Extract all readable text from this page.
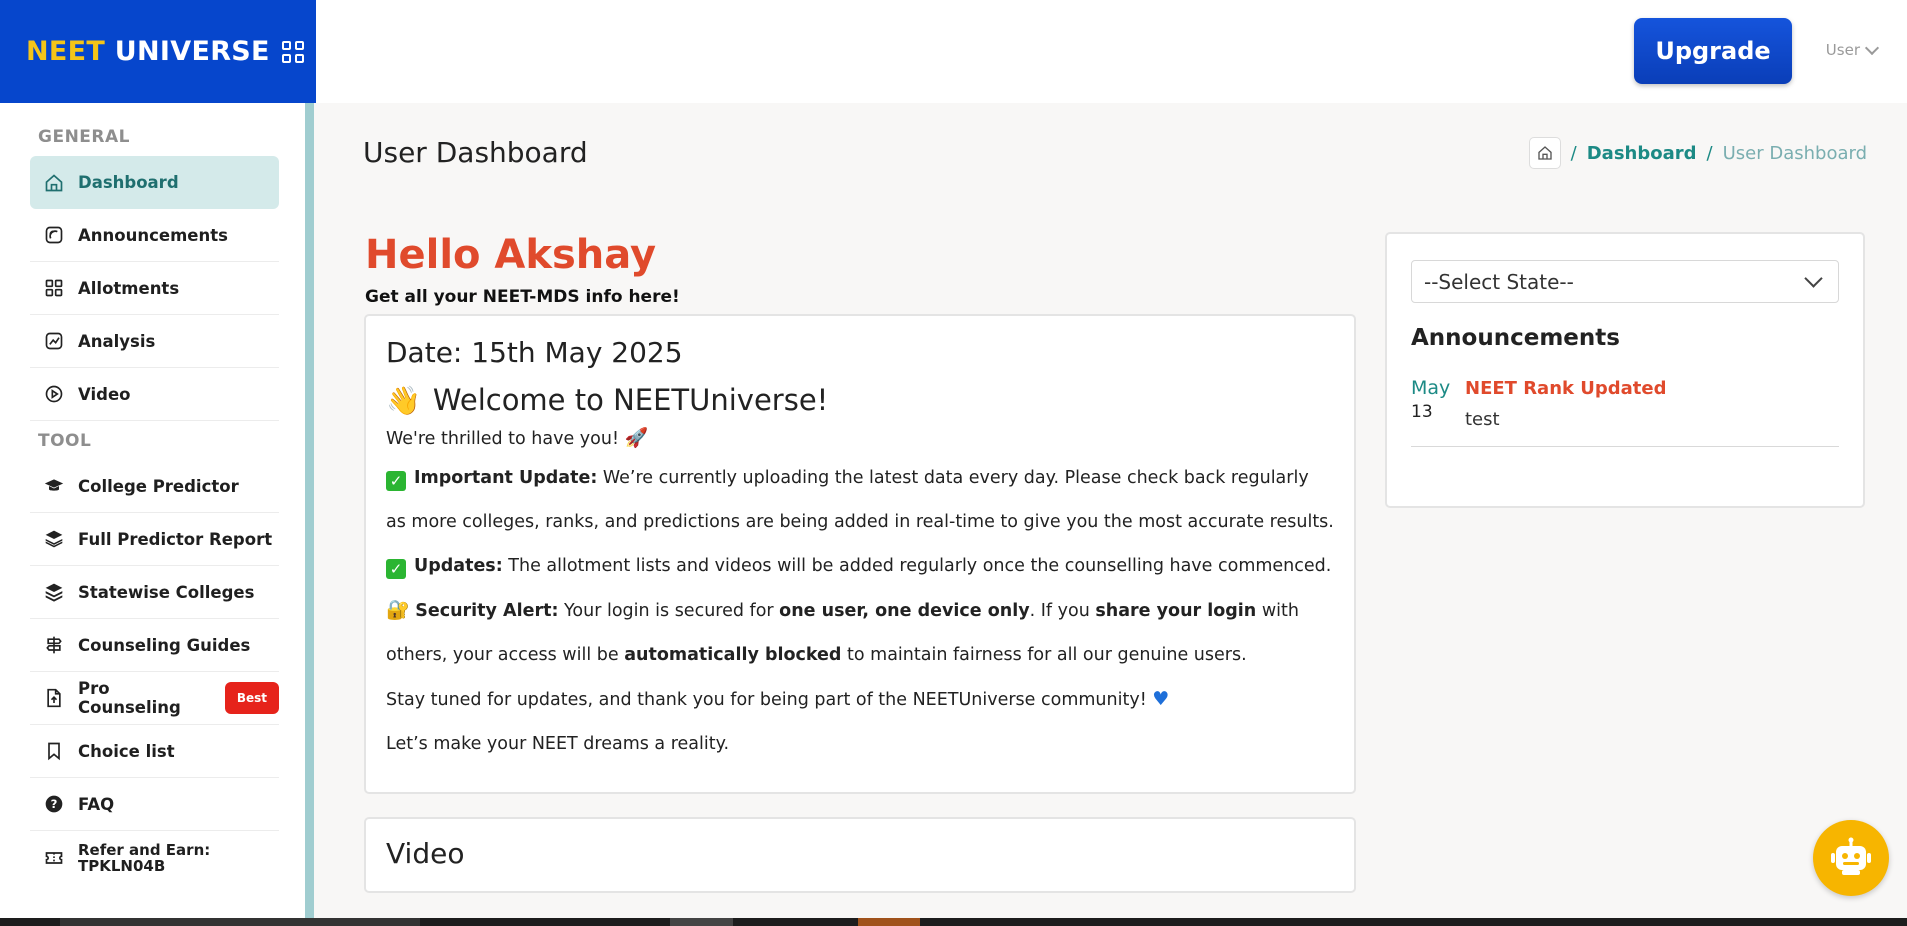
NEET UNIVERSE	Upgrade	User
GENERAL
Dashboard
Announcements
Allotments
Analysis
Video
TOOL
College Predictor
Full Predictor Report
Statewise Colleges
Counseling Guides
Pro Counseling	Best
Choice list
? FAQ
Refer and Earn:
TPKLN04B
User Dashboard	/ Dashboard / User Dashboard
Hello Akshay
Get all your NEET-MDS info here!
Date: 15th May 2025
👋 Welcome to NEETUniverse!
We're thrilled to have you! 🚀
✓ Important Update: We’re currently uploading the latest data every day. Please check back regularly as more colleges, ranks, and predictions are being added in real-time to give you the most accurate results.
✓ Updates: The allotment lists and videos will be added regularly once the counselling have commenced.
🔐 Security Alert: Your login is secured for one user, one device only. If you share your login with others, your access will be automatically blocked to maintain fairness for all our genuine users.
Stay tuned for updates, and thank you for being part of the NEETUniverse community! ♥
Let’s make your NEET dreams a reality.
Video
--Select State--
Announcements
May
13
NEET Rank Updated
test
